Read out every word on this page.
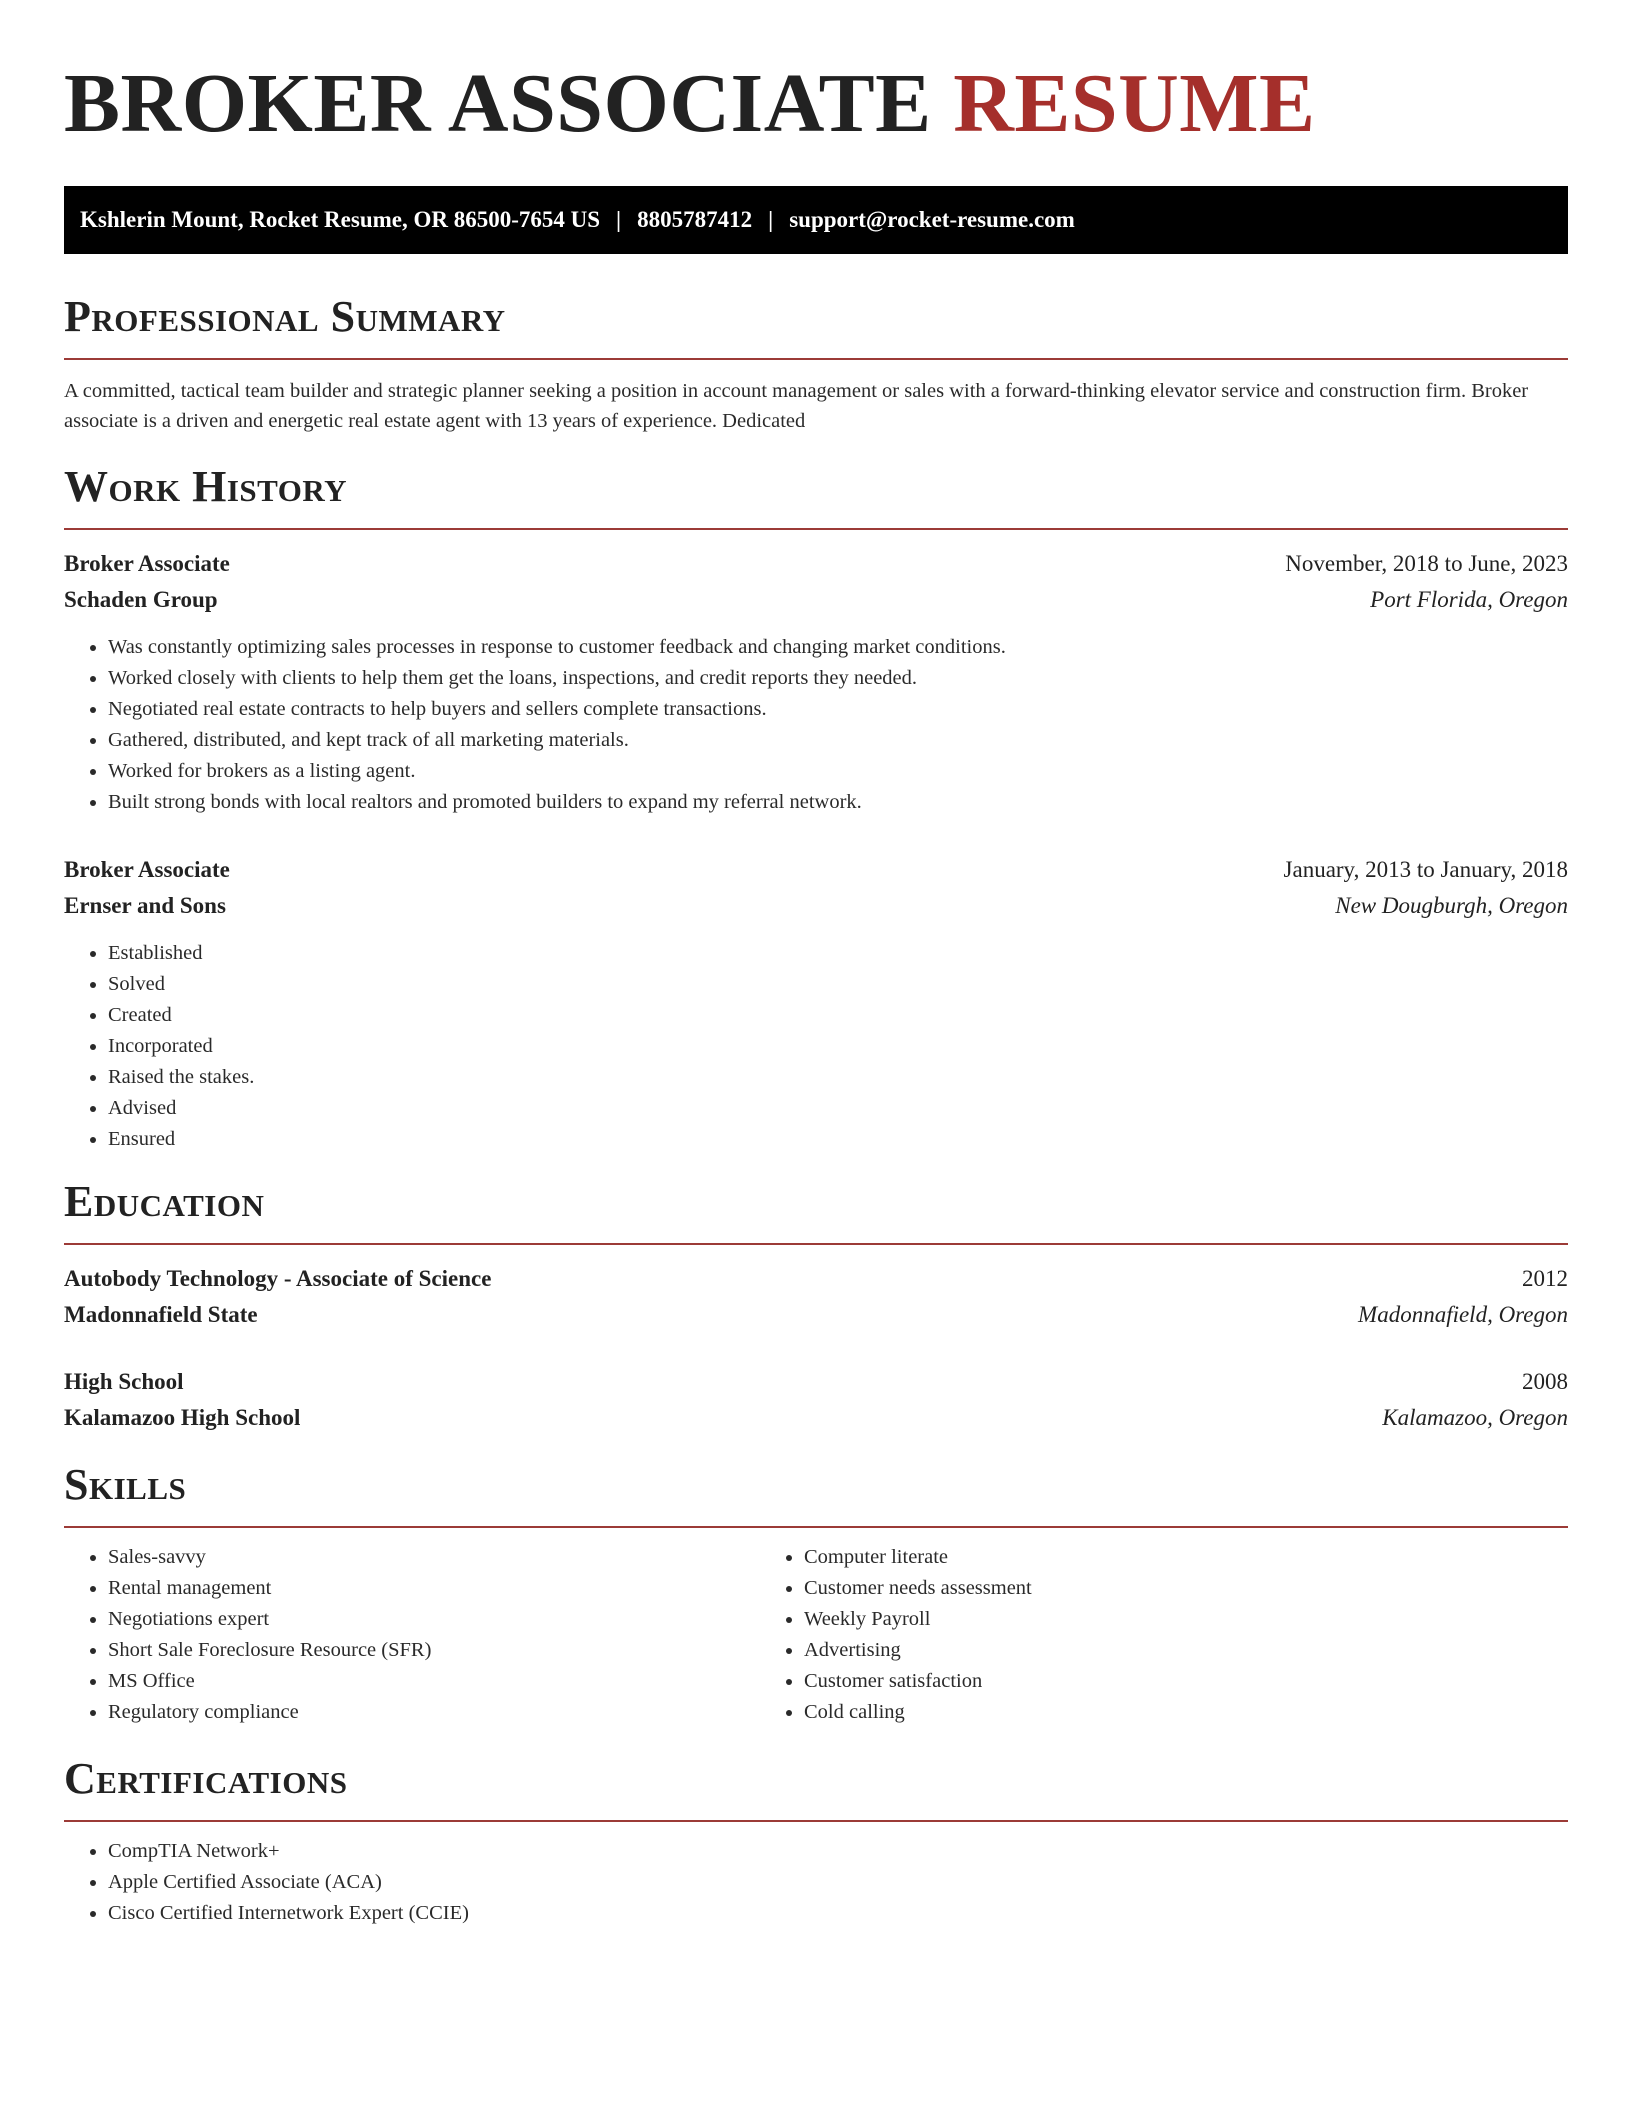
BROKER ASSOCIATE RESUME
Kshlerin Mount, Rocket Resume, OR 86500-7654 US | 8805787412 | support@rocket-resume.com
Professional Summary

A committed, tactical team builder and strategic planner seeking a position in account management or sales with a forward-thinking elevator service and construction firm. Broker associate is a driven and energetic real estate agent with 13 years of experience. Dedicated

Work History
Broker Associate	November, 2018 to June, 2023
Schaden Group	Port Florida, Oregon
• Was constantly optimizing sales processes in response to customer feedback and changing market conditions.
• Worked closely with clients to help them get the loans, inspections, and credit reports they needed.
• Negotiated real estate contracts to help buyers and sellers complete transactions.
• Gathered, distributed, and kept track of all marketing materials.
• Worked for brokers as a listing agent.
• Built strong bonds with local realtors and promoted builders to expand my referral network.
Broker Associate	January, 2013 to January, 2018
Ernser and Sons	New Dougburgh, Oregon
• Established
• Solved
• Created
• Incorporated
• Raised the stakes.
• Advised
• Ensured
Education
Autobody Technology - Associate of Science	2012
Madonnafield State	Madonnafield, Oregon
High School	2008
Kalamazoo High School	Kalamazoo, Oregon
Skills
• Sales-savvy
• Rental management
• Negotiations expert
• Short Sale Foreclosure Resource (SFR)
• MS Office
• Regulatory compliance
• Computer literate
• Customer needs assessment
• Weekly Payroll
• Advertising
• Customer satisfaction
• Cold calling
Certifications
• CompTIA Network+
• Apple Certified Associate (ACA)
• Cisco Certified Internetwork Expert (CCIE)
